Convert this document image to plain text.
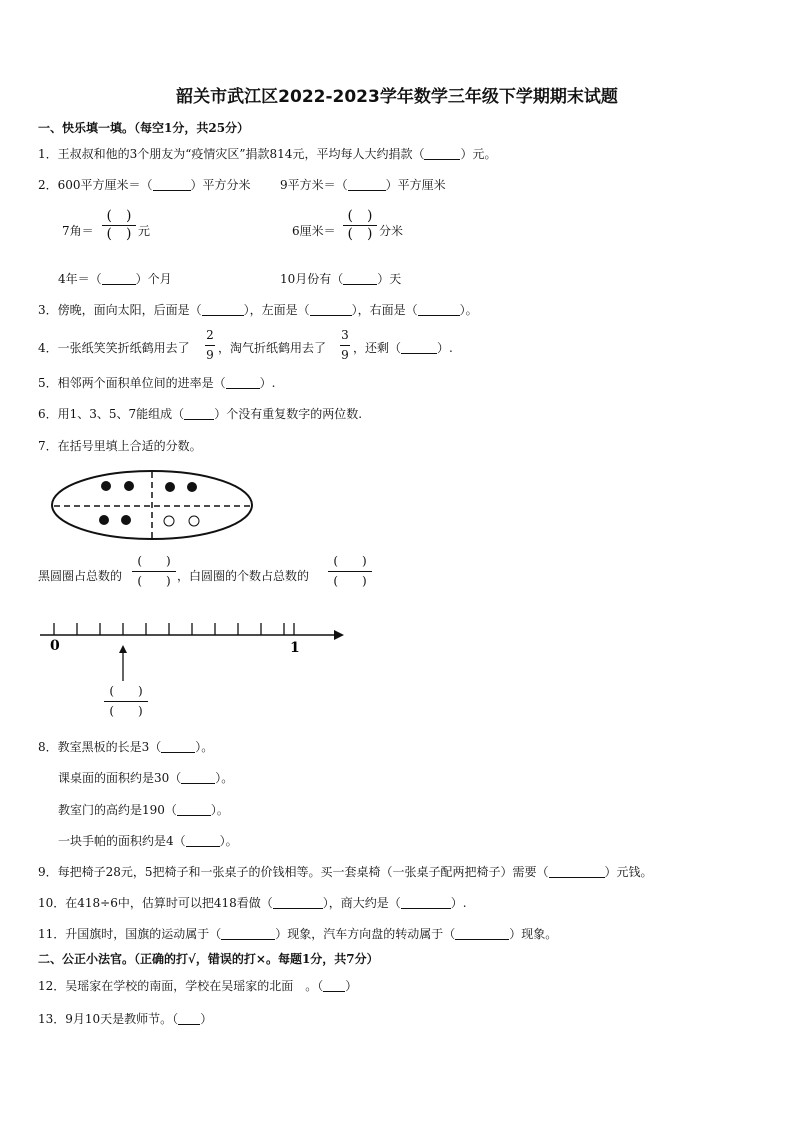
韶关市武江区2022-2023学年数学三年级下学期期末试题
一、快乐填一填。（每空1分，共25分）
1．王叔叔和他的3个朋友为“疫情灾区”捐款814元，平均每人大约捐款（	）元。
2．600平方厘米＝（	）平方分米 9平方米＝（	）平方厘米
7角＝
(　)
(　) 元	6厘米＝
(　)
(　) 分米
4年＝（	）个月	10月份有（	）天
3．傍晚，面向太阳，后面是（	），左面是（	），右面是（	）。
4．一张纸笑笑折纸鹤用去了
2
9 ，淘气折纸鹤用去了
3
9 ，还剩（	）.
5．相邻两个面积单位间的进率是（	）.
6．用1、3、5、7能组成（	）个没有重复数字的两位数.
7．在括号里填上合适的分数。
黑圆圈占总数的
(　　)
(　　) ，白圆圈的个数占总数的
(　　)
(　　)
0	1
(　　)
(　　)
8．教室黑板的长是3（	）。
课桌面的面积约是30（	）。
教室门的高约是190（	）。
一块手帕的面积约是4（	）。
9．每把椅子28元，5把椅子和一张桌子的价钱相等。买一套桌椅（一张桌子配两把椅子）需要（	）元钱。
10．在418÷6中，估算时可以把418看做（	），商大约是（	）.
11．升国旗时，国旗的运动属于（	）现象，汽车方向盘的转动属于（	）现象。
二、公正小法官。（正确的打√，错误的打×。每题1分，共7分）
12．吴瑶家在学校的南面，学校在吴瑶家的北面　。（ ）
13．9月10天是教师节。（ ）
